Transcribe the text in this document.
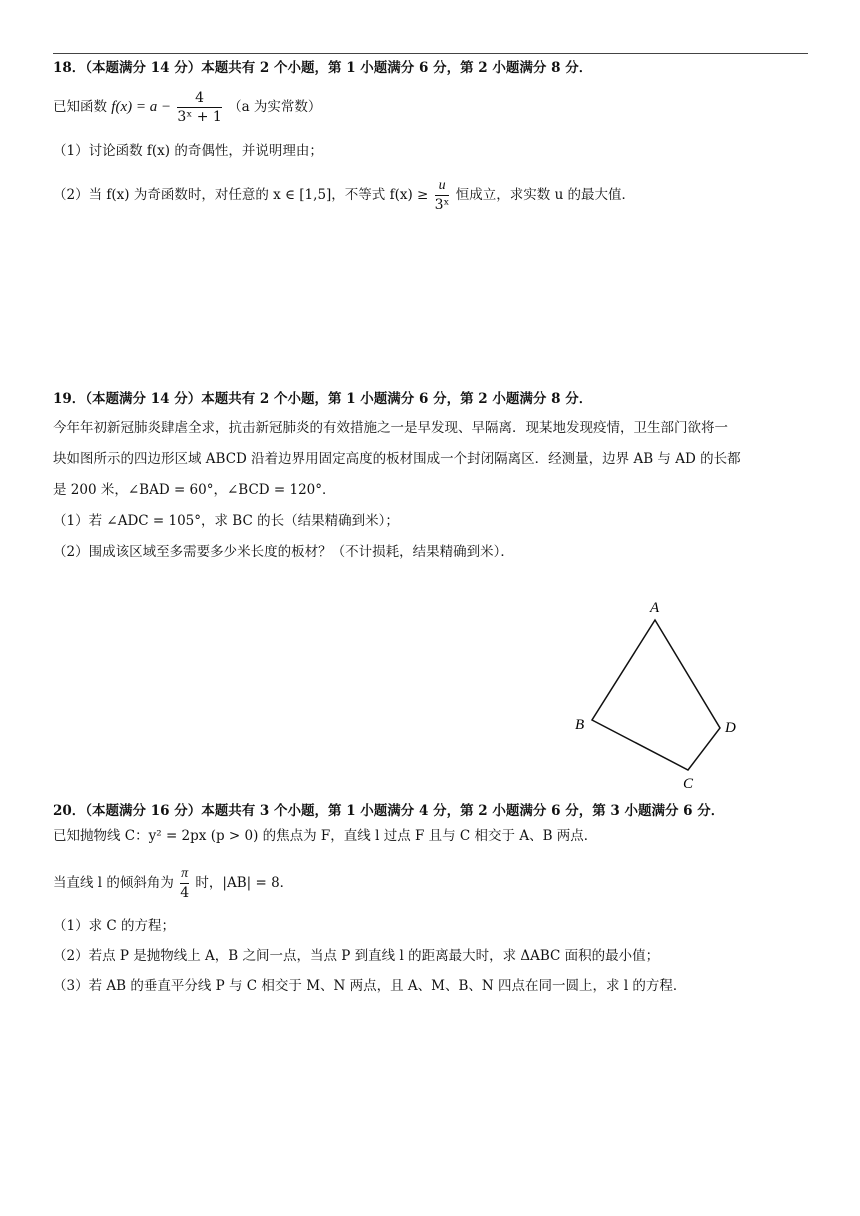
18．（本题满分 14 分）本题共有 2 个小题，第 1 小题满分 6 分，第 2 小题满分 8 分．
已知函数 $f(x) = a - \frac{4}{\text{3ˣ + 1}} (a$ 为实常数）
（1）讨论函数 f(x) 的奇偶性，并说明理由；
（2）当 f(x) 为奇函数时，对任意的 x ∈ [1,5]，不等式 $f(x) \ge \frac{u}{\text{3ˣ}}$ 恒成立，求实数 u 的最大值．
19．（本题满分 14 分）本题共有 2 个小题，第 1 小题满分 6 分，第 2 小题满分 8 分．
今年年初新冠肺炎肆虐全求，抗击新冠肺炎的有效措施之一是早发现、早隔离．现某地发现疫情，卫生部门欲将一
块如图所示的四边形区域 ABCD 沿着边界用固定高度的板材围成一个封闭隔离区．经测量，边界 AB 与 AD 的长都
是 200 米，∠BAD = 60°，∠BCD = 120°．
（1）若 ∠ADC = 105°，求 BC 的长（结果精确到米）；
（2）围成该区域至多需要多少米长度的板材？（不计损耗，结果精确到米）．
A
B
C
D
20．（本题满分 16 分）本题共有 3 个小题，第 1 小题满分 4 分，第 2 小题满分 6 分，第 3 小题满分 6 分．
已知抛物线 C：y² = 2px (p > 0) 的焦点为 F，直线 l 过点 F 且与 C 相交于 A、B 两点．
当直线 l 的倾斜角为 $\frac{\pi}{4}$ 时，|AB| = 8．
（1）求 C 的方程；
（2）若点 P 是抛物线上 A，B 之间一点，当点 P 到直线 l 的距离最大时，求 ΔABC 面积的最小值；
（3）若 AB 的垂直平分线 P 与 C 相交于 M、N 两点，且 A、M、B、N 四点在同一圆上，求 l 的方程．
